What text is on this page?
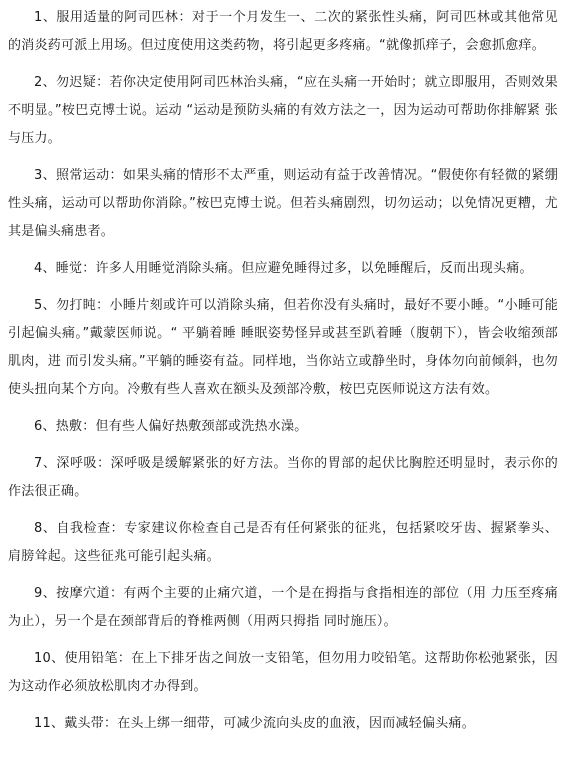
1、服用适量的阿司匹林：对于一个月发生一、二次的紧张性头痛，阿司匹林或其他常见的消炎药可派上用场。但过度使用这类药物，将引起更多疼痛。“就像抓痒子，会愈抓愈痒。

2、勿迟疑：若你决定使用阿司匹林治头痛，“应在头痛一开始时；就立即服用，否则效果不明显。”桉巴克博士说。运动 “运动是预防头痛的有效方法之一，因为运动可帮助你排解紧 张与压力。

3、照常运动：如果头痛的情形不太严重，则运动有益于改善情况。“假使你有轻微的紧绷性头痛，运动可以帮助你消除。”桉巴克博士说。但若头痛剧烈，切勿运动；以免情况更糟，尤其是偏头痛患者。

4、睡觉：许多人用睡觉消除头痛。但应避免睡得过多，以免睡醒后，反而出现头痛。

5、勿打盹：小睡片刻或许可以消除头痛，但若你没有头痛时，最好不要小睡。“小睡可能引起偏头痛。”戴蒙医师说。“ 平躺着睡 睡眠姿势怪异或甚至趴着睡（腹朝下），皆会收缩颈部肌肉，进 而引发头痛。”平躺的睡姿有益。同样地，当你站立或静坐时，身体勿向前倾斜，也勿使头扭向某个方向。冷敷有些人喜欢在额头及颈部冷敷，桉巴克医师说这方法有效。

6、热敷：但有些人偏好热敷颈部或洗热水澡。

7、深呼吸：深呼吸是缓解紧张的好方法。当你的胃部的起伏比胸腔还明显时，表示你的作法很正确。

8、自我检查：专家建议你检查自己是否有任何紧张的征兆，包括紧咬牙齿、握紧拳头、肩膀耸起。这些征兆可能引起头痛。

9、按摩穴道：有两个主要的止痛穴道，一个是在拇指与食指相连的部位（用 力压至疼痛为止），另一个是在颈部背后的脊椎两侧（用两只拇指 同时施压）。

10、使用铅笔：在上下排牙齿之间放一支铅笔，但勿用力咬铅笔。这帮助你松弛紧张，因为这动作必须放松肌肉才办得到。

11、戴头带：在头上绑一细带，可减少流向头皮的血液，因而减轻偏头痛。
